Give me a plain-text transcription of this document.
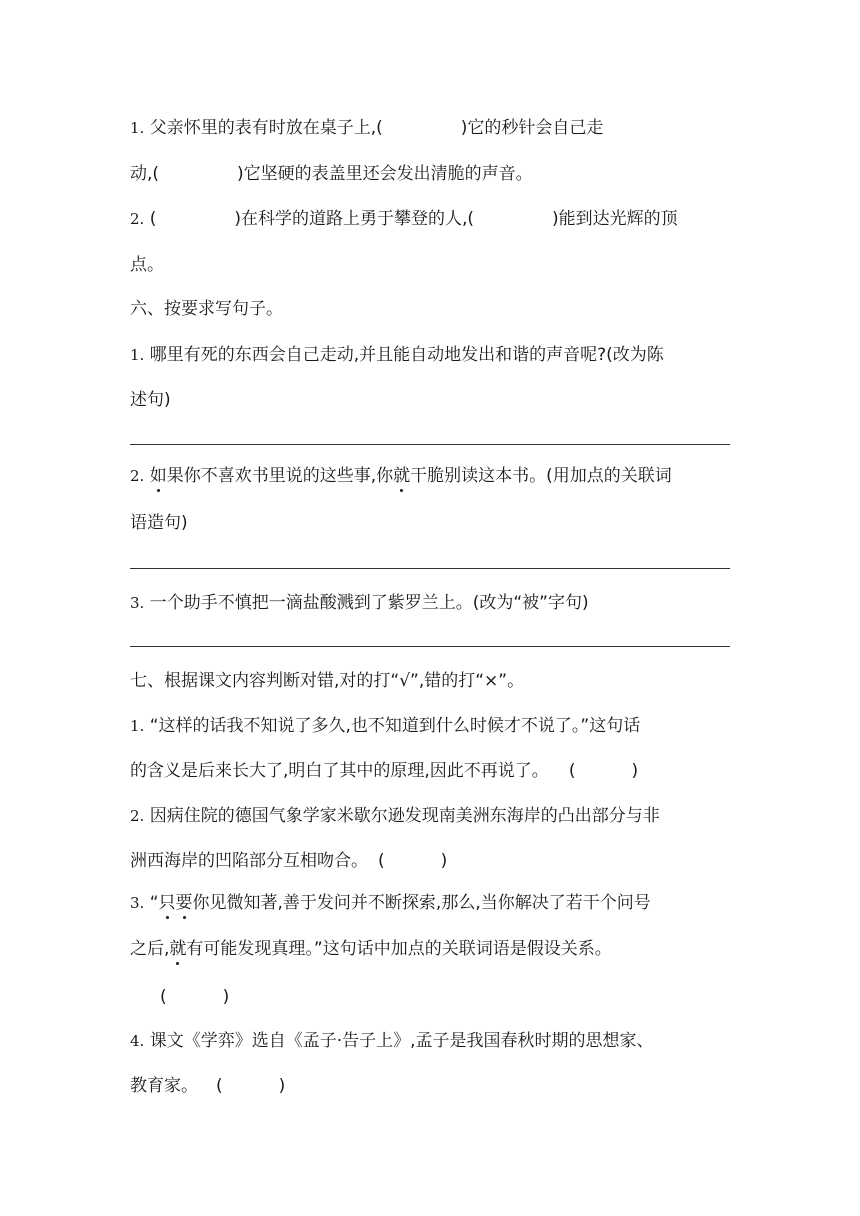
1. 父亲怀里的表有时放在桌子上,(	)它的秒针会自己走
动,(	)它坚硬的表盖里还会发出清脆的声音。
2. (	)在科学的道路上勇于攀登的人,(	)能到达光辉的顶
点。
六、按要求写句子。
1. 哪里有死的东西会自己走动,并且能自动地发出和谐的声音呢?(改为陈
述句)
2. 如果你不喜欢书里说的这些事,你就干脆别读这本书。(用加点的关联词
语造句)
3. 一个助手不慎把一滴盐酸溅到了紫罗兰上。(改为“被”字句)
七、根据课文内容判断对错,对的打“√”,错的打“×”。
1. “这样的话我不知说了多久,也不知道到什么时候才不说了。”这句话
的含义是后来长大了,明白了其中的原理,因此不再说了。 (	)
2. 因病住院的德国气象学家米歇尔逊发现南美洲东海岸的凸出部分与非
洲西海岸的凹陷部分互相吻合。 (	)
3. “只要你见微知著,善于发问并不断探索,那么,当你解决了若干个问号
之后,就有可能发现真理。”这句话中加点的关联词语是假设关系。
(	)
4. 课文《学弈》选自《孟子·告子上》,孟子是我国春秋时期的思想家、
教育家。 (	)
